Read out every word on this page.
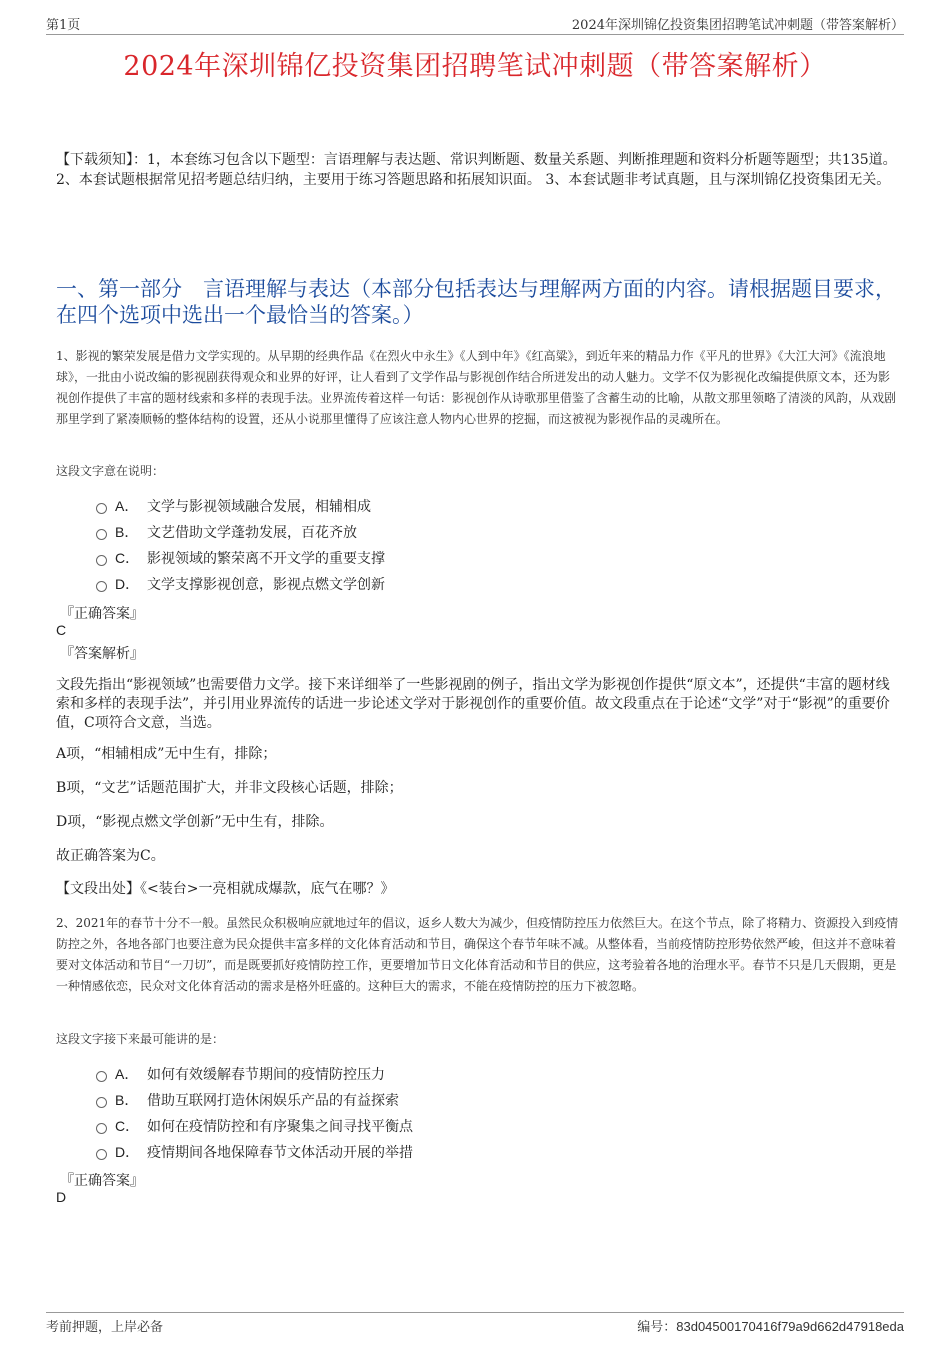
第1页	2024年深圳锦亿投资集团招聘笔试冲刺题（带答案解析）
2024年深圳锦亿投资集团招聘笔试冲刺题（带答案解析）
【下载须知】：1，本套练习包含以下题型：言语理解与表达题、常识判断题、数量关系题、判断推理题和资料分析题等题型；共135道。 2、本套试题根据常见招考题总结归纳，主要用于练习答题思路和拓展知识面。 3、本套试题非考试真题，且与深圳锦亿投资集团无关。
一、第一部分　言语理解与表达（本部分包括表达与理解两方面的内容。请根据题目要求，在四个选项中选出一个最恰当的答案。）
1、影视的繁荣发展是借力文学实现的。从早期的经典作品《在烈火中永生》《人到中年》《红高粱》，到近年来的精品力作《平凡的世界》《大江大河》《流浪地球》，一批由小说改编的影视剧获得观众和业界的好评，让人看到了文学作品与影视创作结合所迸发出的动人魅力。文学不仅为影视化改编提供原文本，还为影视创作提供了丰富的题材线索和多样的表现手法。业界流传着这样一句话：影视创作从诗歌那里借鉴了含蓄生动的比喻，从散文那里领略了清淡的风韵，从戏剧那里学到了紧凑顺畅的整体结构的设置，还从小说那里懂得了应该注意人物内心世界的挖掘，而这被视为影视作品的灵魂所在。
这段文字意在说明：
A． 文学与影视领域融合发展，相辅相成
B． 文艺借助文学蓬勃发展，百花齐放
C． 影视领域的繁荣离不开文学的重要支撑
D． 文学支撑影视创意，影视点燃文学创新
『正确答案』
C
『答案解析』
文段先指出“影视领域”也需要借力文学。接下来详细举了一些影视剧的例子，指出文学为影视创作提供“原文本”，还提供“丰富的题材线索和多样的表现手法”，并引用业界流传的话进一步论述文学对于影视创作的重要价值。故文段重点在于论述“文学”对于“影视”的重要价值，C项符合文意，当选。
A项，“相辅相成”无中生有，排除；
B项，“文艺”话题范围扩大，并非文段核心话题，排除；
D项，“影视点燃文学创新”无中生有，排除。
故正确答案为C。
【文段出处】《<装台>一亮相就成爆款，底气在哪？》
2、2021年的春节十分不一般。虽然民众积极响应就地过年的倡议，返乡人数大为减少，但疫情防控压力依然巨大。在这个节点，除了将精力、资源投入到疫情防控之外，各地各部门也要注意为民众提供丰富多样的文化体育活动和节目，确保这个春节年味不减。从整体看，当前疫情防控形势依然严峻，但这并不意味着要对文体活动和节目“一刀切”，而是既要抓好疫情防控工作，更要增加节日文化体育活动和节目的供应，这考验着各地的治理水平。春节不只是几天假期，更是一种情感依恋，民众对文化体育活动的需求是格外旺盛的。这种巨大的需求，不能在疫情防控的压力下被忽略。
这段文字接下来最可能讲的是：
A． 如何有效缓解春节期间的疫情防控压力
B． 借助互联网打造休闲娱乐产品的有益探索
C． 如何在疫情防控和有序聚集之间寻找平衡点
D． 疫情期间各地保障春节文体活动开展的举措
『正确答案』
D
考前押题，上岸必备	编号：83d04500170416f79a9d662d47918eda
